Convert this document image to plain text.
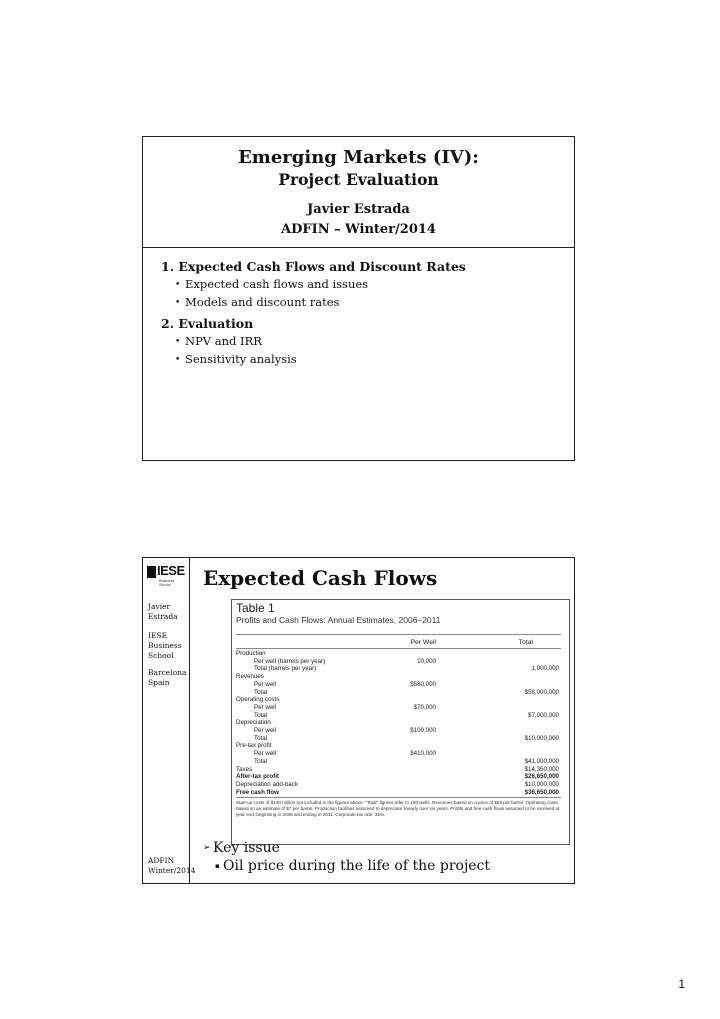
Emerging Markets (IV):
Project Evaluation
Javier Estrada
ADFIN – Winter/2014
1. Expected Cash Flows and Discount Rates
• Expected cash flows and issues
• Models and discount rates
2. Evaluation
• NPV and IRR
• Sensitivity analysis
IESE
Business School
Javier
Estrada
IESE
Business
School
Barcelona
Spain
ADFIN
Winter/2014
Expected Cash Flows
Table 1
Profits and Cash Flows: Annual Estimates, 2006–2011
Per Well	Total
Production
Per well (barrels per year)	10,000
Total (barrels per year)	1,000,000
Revenues
Per well	$580,000
Total	$58,000,000
Operating costs
Per well	$70,000
Total	$7,000,000
Depreciation
Per well	$100,000
Total	$10,000,000
Pre-tax profit
Per well	$410,000
Total	$41,000,000
Taxes	$14,350,000
After-tax profit	$26,650,000
Depreciation add-back	$10,000,000
Free cash flow	$36,650,000
Start-up costs of $130 million not included in the figures above. "Total" figures refer to 100 wells. Revenues based on a price of $58 per barrel. Operating costs based on an estimate of $7 per barrel. Production facilities assumed to depreciate linearly over six years. Profits and free cash flows assumed to be received at year end, beginning in 2006 and ending in 2011. Corporate tax rate: 35%.
➢ Key issue
▪ Oil price during the life of the project
1
